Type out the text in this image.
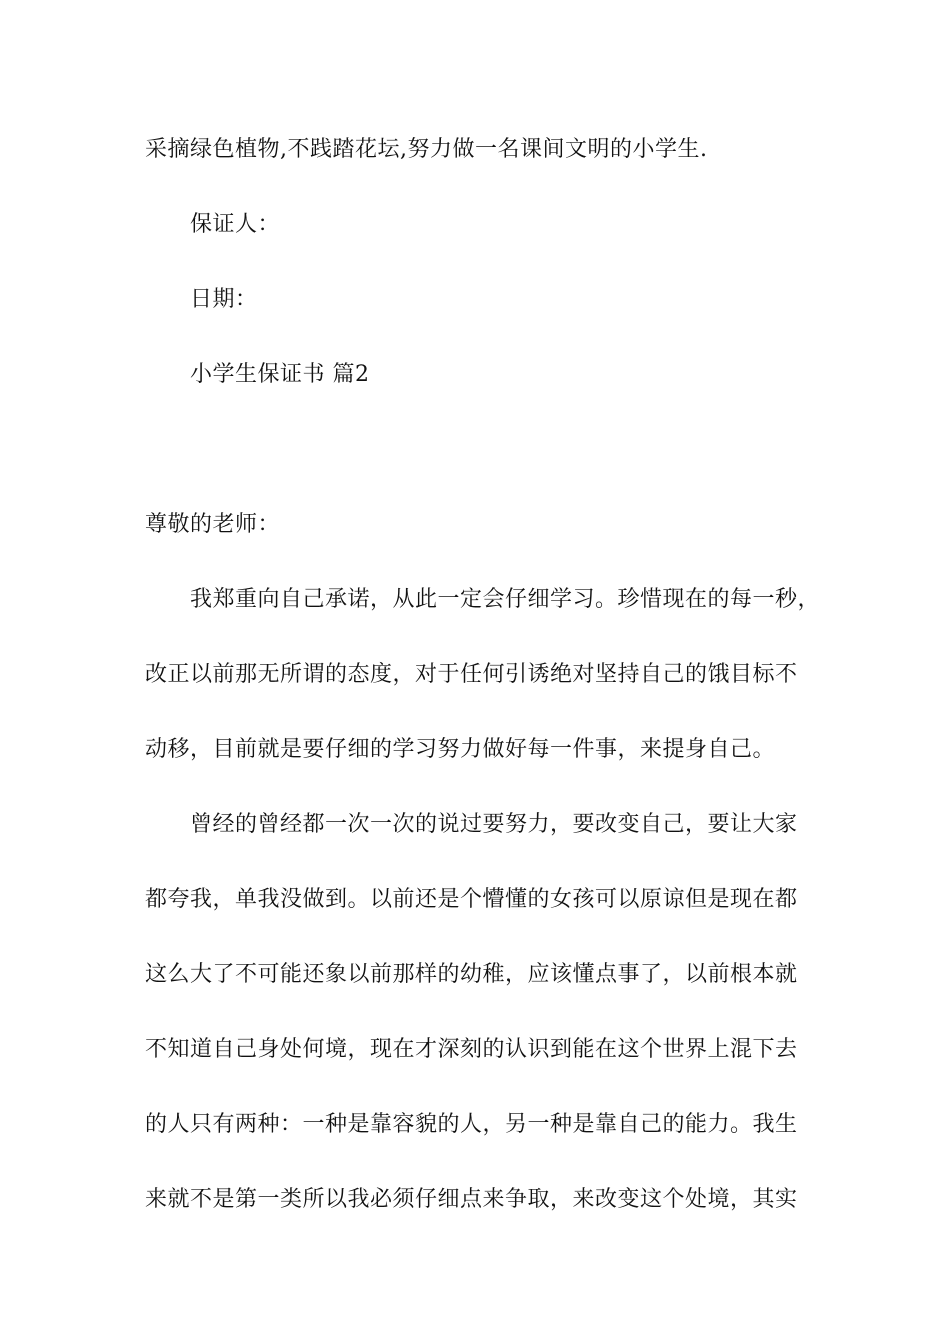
采摘绿色植物,不践踏花坛,努力做一名课间文明的小学生.
保证人：
日期：
小学生保证书 篇2
尊敬的老师：
我郑重向自己承诺，从此一定会仔细学习。珍惜现在的每一秒，
改正以前那无所谓的态度，对于任何引诱绝对坚持自己的饿目标不
动移，目前就是要仔细的学习努力做好每一件事，来提身自己。
曾经的曾经都一次一次的说过要努力，要改变自己，要让大家
都夸我，单我没做到。以前还是个懵懂的女孩可以原谅但是现在都
这么大了不可能还象以前那样的幼稚，应该懂点事了，以前根本就
不知道自己身处何境，现在才深刻的认识到能在这个世界上混下去
的人只有两种：一种是靠容貌的人，另一种是靠自己的能力。我生
来就不是第一类所以我必须仔细点来争取，来改变这个处境，其实
